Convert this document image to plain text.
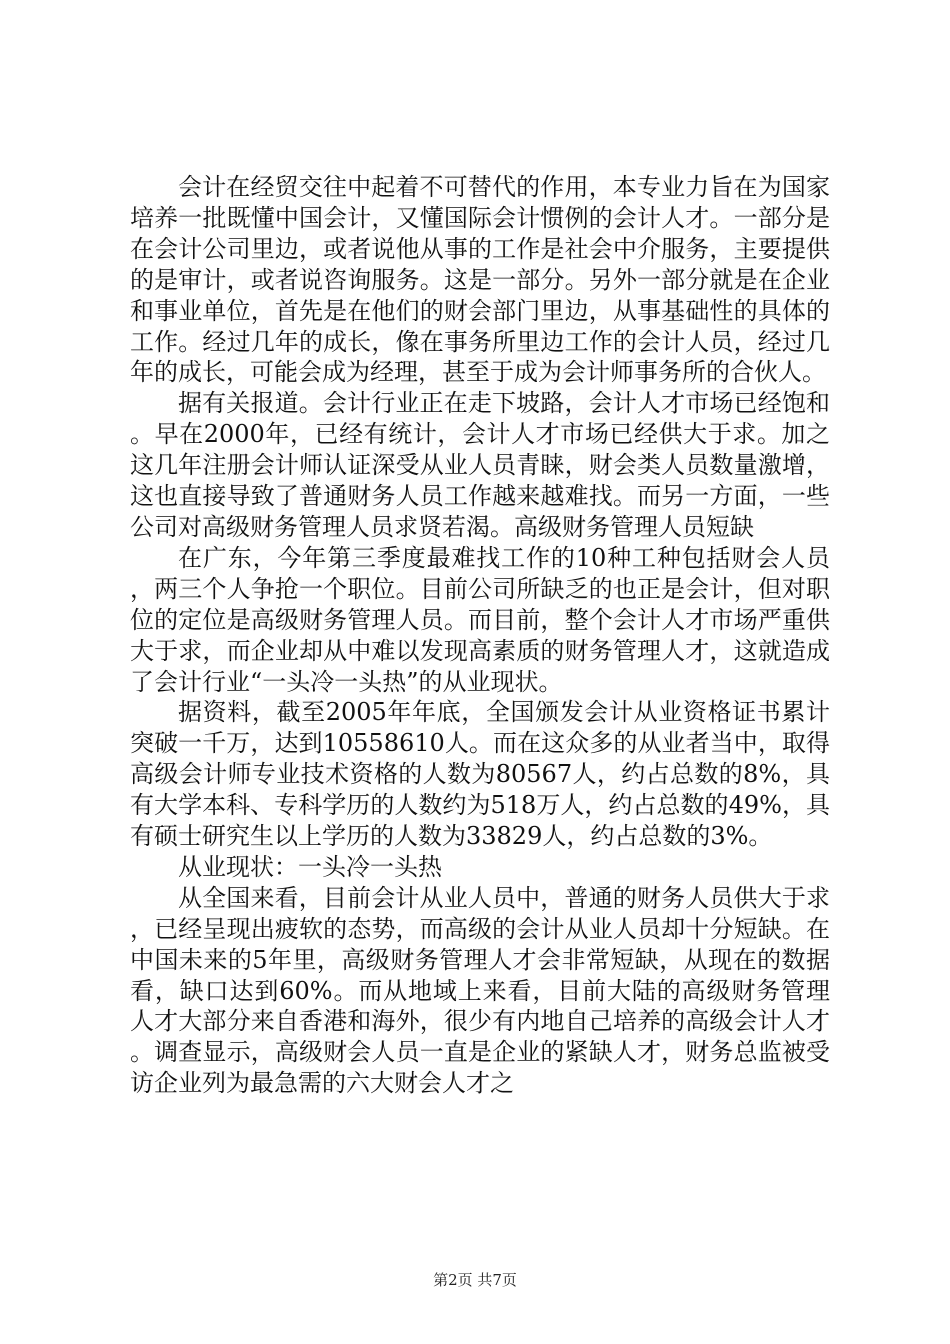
会计在经贸交往中起着不可替代的作用，本专业力旨在为国家培养一批既懂中国会计，又懂国际会计惯例的会计人才。一部分是在会计公司里边，或者说他从事的工作是社会中介服务，主要提供的是审计，或者说咨询服务。这是一部分。另外一部分就是在企业和事业单位，首先是在他们的财会部门里边，从事基础性的具体的工作。经过几年的成长，像在事务所里边工作的会计人员，经过几年的成长，可能会成为经理，甚至于成为会计师事务所的合伙人。

据有关报道。会计行业正在走下坡路，会计人才市场已经饱和。早在2000年，已经有统计，会计人才市场已经供大于求。加之这几年注册会计师认证深受从业人员青睐，财会类人员数量激增，这也直接导致了普通财务人员工作越来越难找。而另一方面，一些公司对高级财务管理人员求贤若渴。高级财务管理人员短缺

在广东，今年第三季度最难找工作的10种工种包括财会人员，两三个人争抢一个职位。目前公司所缺乏的也正是会计，但对职位的定位是高级财务管理人员。而目前，整个会计人才市场严重供大于求，而企业却从中难以发现高素质的财务管理人才，这就造成了会计行业“一头冷一头热”的从业现状。

据资料，截至2005年年底，全国颁发会计从业资格证书累计突破一千万，达到10558610人。而在这众多的从业者当中，取得高级会计师专业技术资格的人数为80567人，约占总数的8%，具有大学本科、专科学历的人数约为518万人，约占总数的49%，具有硕士研究生以上学历的人数为33829人，约占总数的3%。

从业现状：一头冷一头热

从全国来看，目前会计从业人员中，普通的财务人员供大于求，已经呈现出疲软的态势，而高级的会计从业人员却十分短缺。在中国未来的5年里，高级财务管理人才会非常短缺，从现在的数据看，缺口达到60%。而从地域上来看，目前大陆的高级财务管理人才大部分来自香港和海外，很少有内地自己培养的高级会计人才。调查显示，高级财会人员一直是企业的紧缺人才，财务总监被受访企业列为最急需的六大财会人才之

第2页 共7页
